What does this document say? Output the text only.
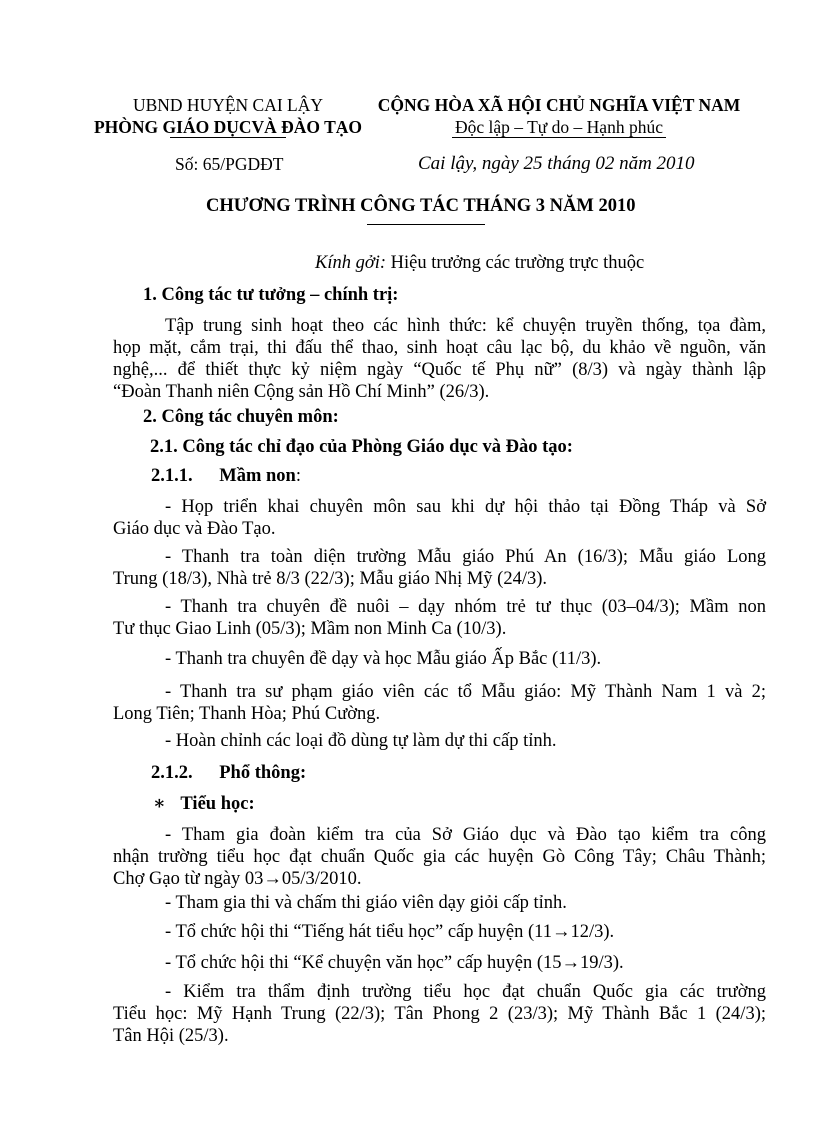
UBND HUYỆN CAI LẬY
PHÒNG GIÁO DỤCVÀ ĐÀO TẠO
CỘNG HÒA XÃ HỘI CHỦ NGHĨA VIỆT NAM
Độc lập – Tự do – Hạnh phúc
Số: 65/PGDĐT	Cai lậy, ngày 25 tháng 02 năm 2010
CHƯƠNG TRÌNH CÔNG TÁC THÁNG 3 NĂM 2010
Kính gởi: Hiệu trưởng các trường trực thuộc
1. Công tác tư tưởng – chính trị:
Tập trung sinh hoạt theo các hình thức: kể chuyện truyền thống, tọa đàm,
họp mặt, cắm trại, thi đấu thể thao, sinh hoạt câu lạc bộ, du khảo về nguồn, văn
nghệ,... để thiết thực kỷ niệm ngày “Quốc tế Phụ nữ” (8/3) và ngày thành lập
“Đoàn Thanh niên Cộng sản Hồ Chí Minh” (26/3).
2. Công tác chuyên môn:
2.1. Công tác chỉ đạo của Phòng Giáo dục và Đào tạo:
2.1.1. Mầm non:
- Họp triển khai chuyên môn sau khi dự hội thảo tại Đồng Tháp và Sở
Giáo dục và Đào Tạo.
- Thanh tra toàn diện trường Mẫu giáo Phú An (16/3); Mẫu giáo Long
Trung (18/3), Nhà trẻ 8/3 (22/3); Mẫu giáo Nhị Mỹ (24/3).
- Thanh tra chuyên đề nuôi – dạy nhóm trẻ tư thục (03–04/3); Mầm non
Tư thục Giao Linh (05/3); Mầm non Minh Ca (10/3).
- Thanh tra chuyên đề dạy và học Mẫu giáo Ấp Bắc (11/3).
- Thanh tra sư phạm giáo viên các tổ Mẫu giáo: Mỹ Thành Nam 1 và 2;
Long Tiên; Thanh Hòa; Phú Cường.
- Hoàn chỉnh các loại đồ dùng tự làm dự thi cấp tỉnh.
2.1.2. Phổ thông:
∗ Tiểu học:
- Tham gia đoàn kiểm tra của Sở Giáo dục và Đào tạo kiểm tra công
nhận trường tiểu học đạt chuẩn Quốc gia các huyện Gò Công Tây; Châu Thành;
Chợ Gạo từ ngày 03→05/3/2010.
- Tham gia thi và chấm thi giáo viên dạy giỏi cấp tỉnh.
- Tổ chức hội thi “Tiếng hát tiểu học” cấp huyện (11→12/3).
- Tổ chức hội thi “Kể chuyện văn học” cấp huyện (15→19/3).
- Kiểm tra thẩm định trường tiểu học đạt chuẩn Quốc gia các trường
Tiểu học: Mỹ Hạnh Trung (22/3); Tân Phong 2 (23/3); Mỹ Thành Bắc 1 (24/3);
Tân Hội (25/3).
